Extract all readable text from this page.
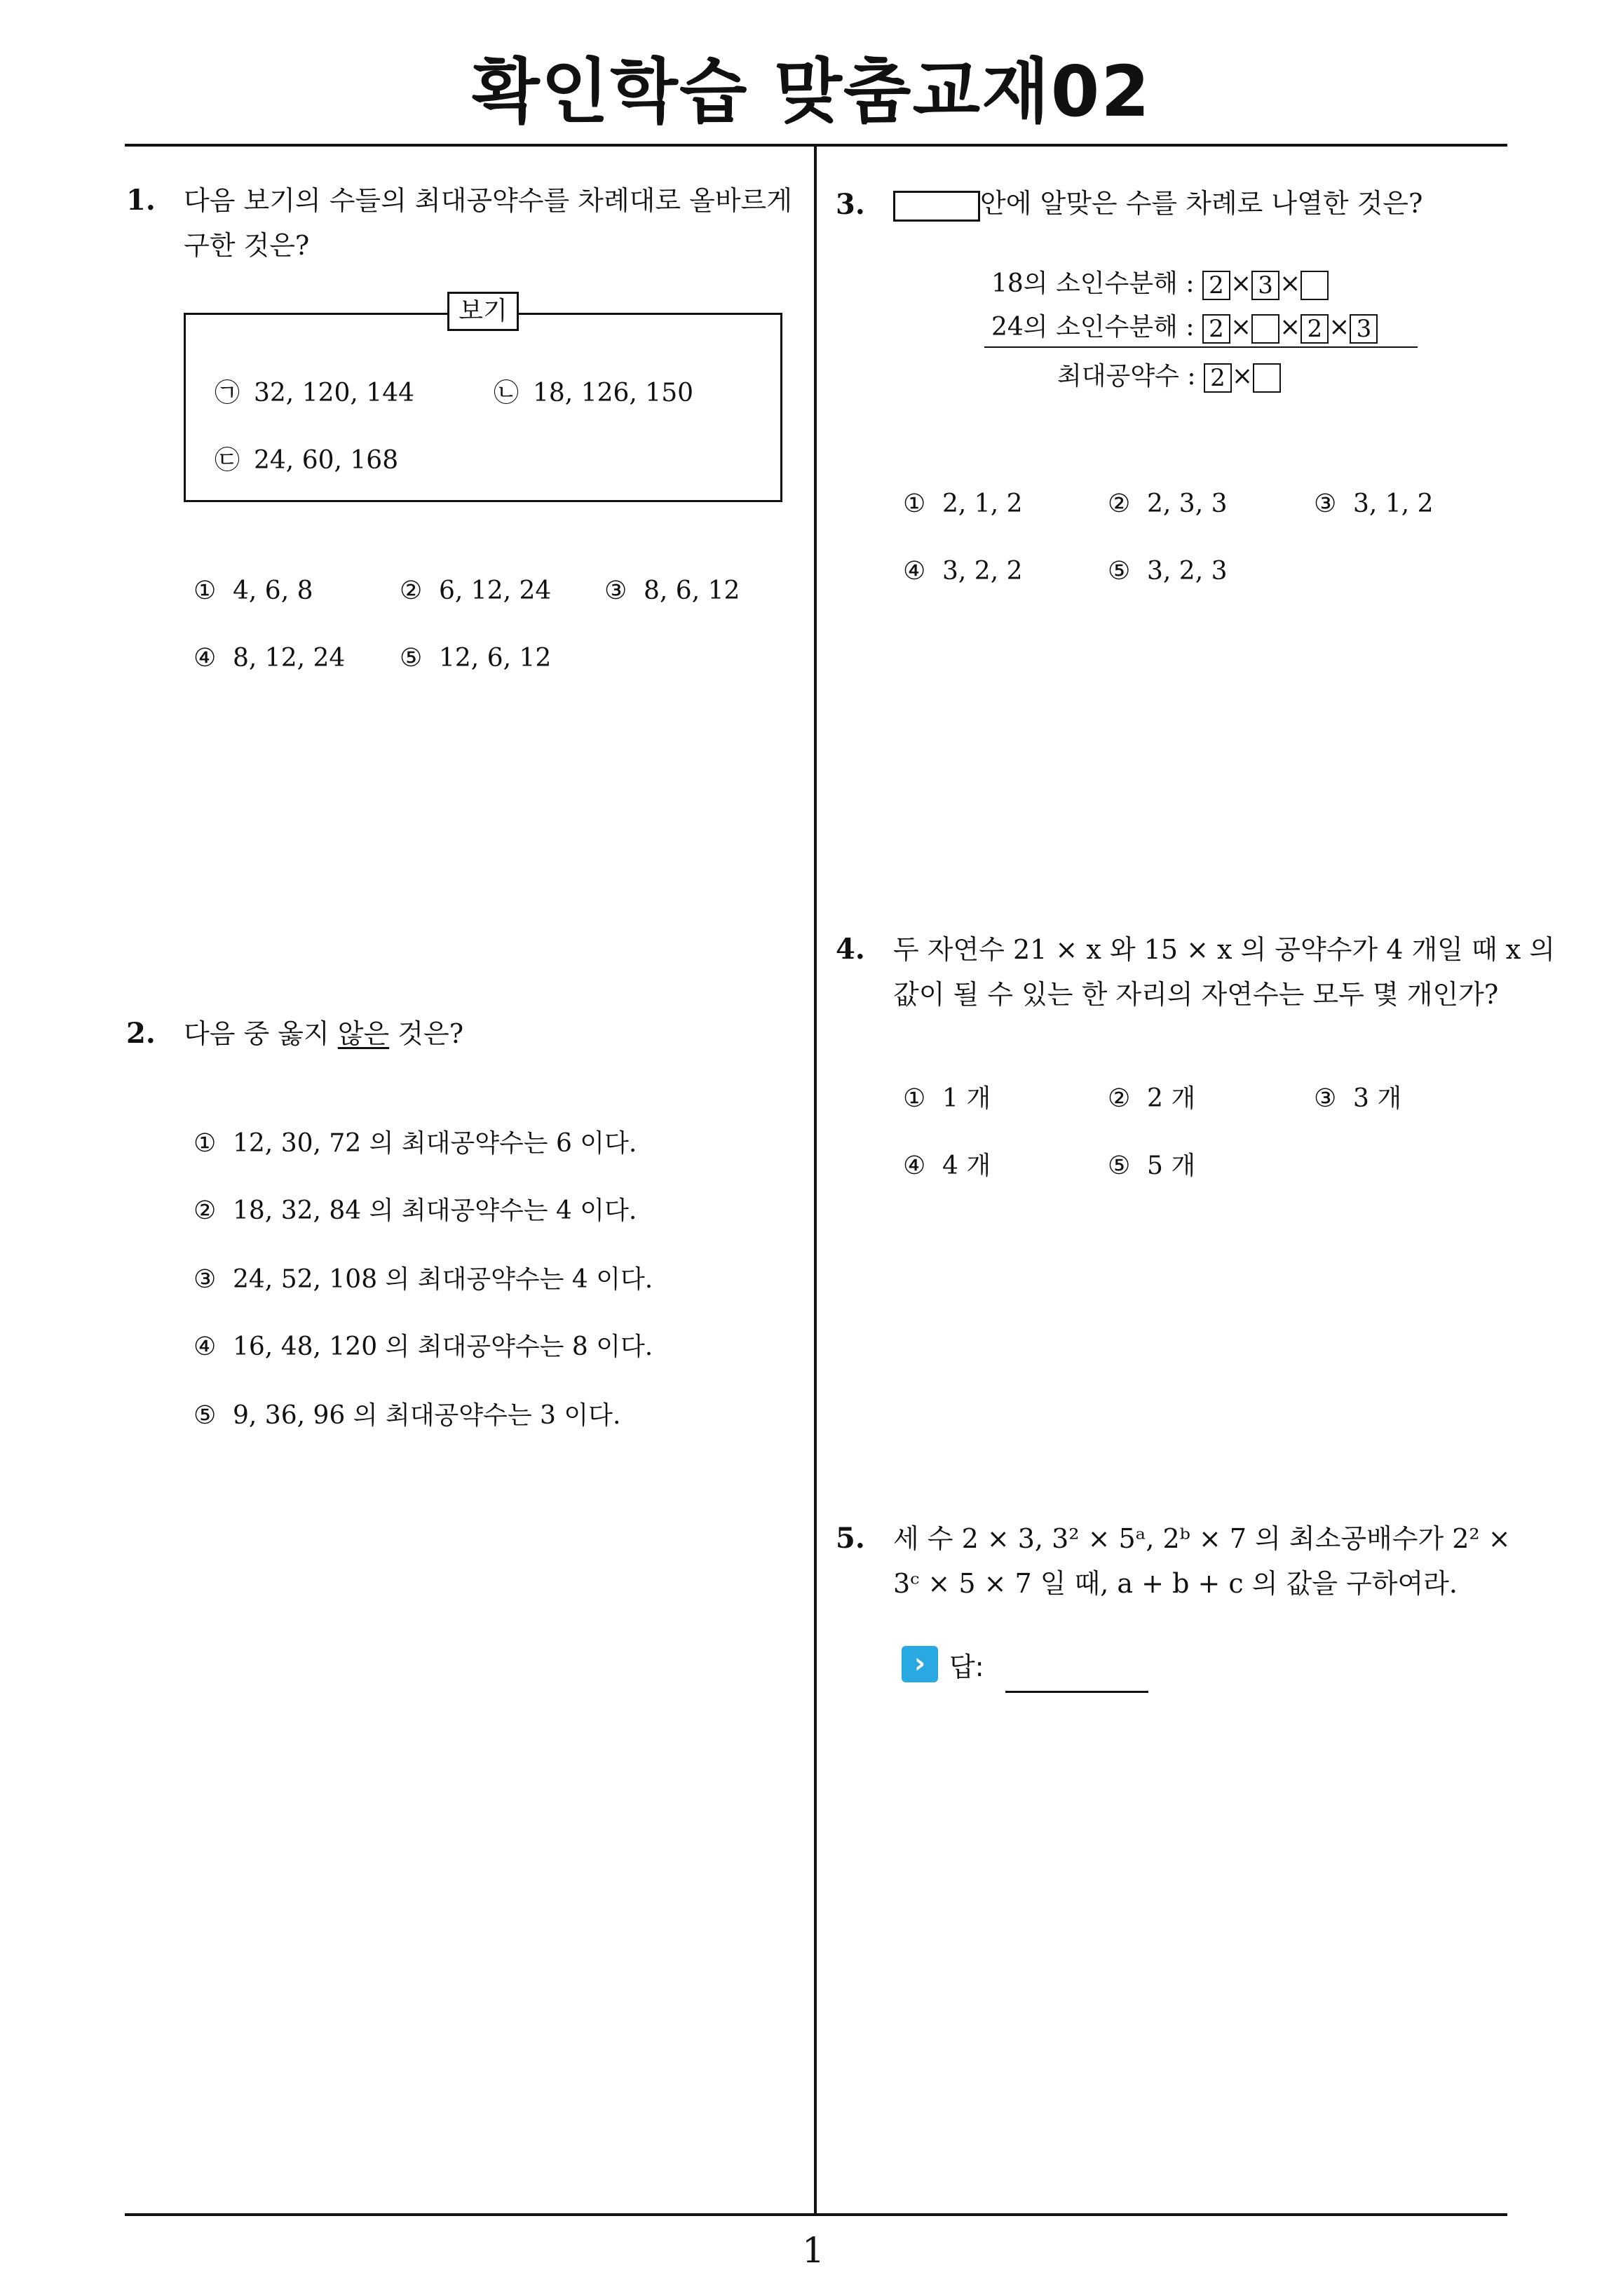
확인학습 맞춤교재02
1
1. 다음 보기의 수들의 최대공약수를 차례대로 올바르게
구한 것은?
보기
㉠ 32, 120, 144	㉡ 18, 126, 150
㉢ 24, 60, 168
① 4, 6, 8	② 6, 12, 24 ③ 8, 6, 12
④ 8, 12, 24 ⑤ 12, 6, 12
2. 다음 중 옳지 않은 것은?
① 12, 30, 72 의 최대공약수는 6 이다.
② 18, 32, 84 의 최대공약수는 4 이다.
③ 24, 52, 108 의 최대공약수는 4 이다.
④ 16, 48, 120 의 최대공약수는 8 이다.
⑤ 9, 36, 96 의 최대공약수는 3 이다.
3.	안에 알맞은 수를 차례로 나열한 것은?
18의 소인수분해 : 2 × 3 ×
24의 소인수분해 : 2 × × 2 × 3
최대공약수 : 2 ×
① 2, 1, 2	② 2, 3, 3	③ 3, 1, 2
④ 3, 2, 2	⑤ 3, 2, 3
4. 두 자연수 21 × x 와 15 × x 의 공약수가 4 개일 때 x 의
값이 될 수 있는 한 자리의 자연수는 모두 몇 개인가?
① 1 개	② 2 개	③ 3 개
④ 4 개	⑤ 5 개
5. 세 수 2 × 3, 3² × 5ᵃ, 2ᵇ × 7 의 최소공배수가 2² ×
3ᶜ × 5 × 7 일 때, a + b + c 의 값을 구하여라.
› 답:
